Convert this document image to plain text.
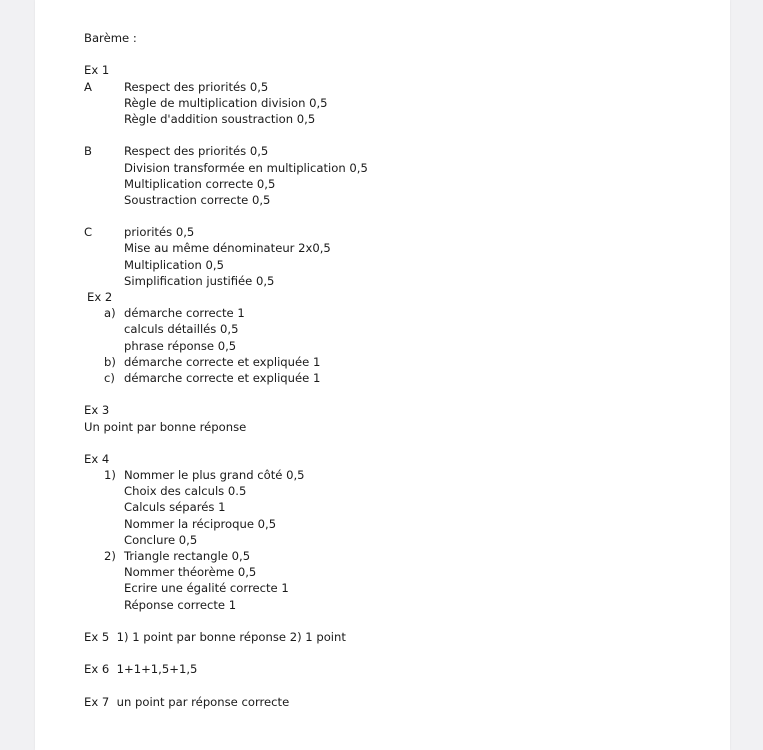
Barème :
Ex 1
A	Respect des priorités 0,5
Règle de multiplication division 0,5
Règle d'addition soustraction 0,5
B	Respect des priorités 0,5
Division transformée en multiplication 0,5
Multiplication correcte 0,5
Soustraction correcte 0,5
C	priorités 0,5
Mise au même dénominateur 2x0,5
Multiplication 0,5
Simplification justifiée 0,5
Ex 2
a) démarche correcte 1
calculs détaillés 0,5
phrase réponse 0,5
b) démarche correcte et expliquée 1
c) démarche correcte et expliquée 1
Ex 3
Un point par bonne réponse
Ex 4
1) Nommer le plus grand côté 0,5
Choix des calculs 0.5
Calculs séparés 1
Nommer la réciproque 0,5
Conclure 0,5
2) Triangle rectangle 0,5
Nommer théorème 0,5
Ecrire une égalité correcte 1
Réponse correcte 1
Ex 5 1) 1 point par bonne réponse 2) 1 point
Ex 6 1+1+1,5+1,5
Ex 7 un point par réponse correcte
